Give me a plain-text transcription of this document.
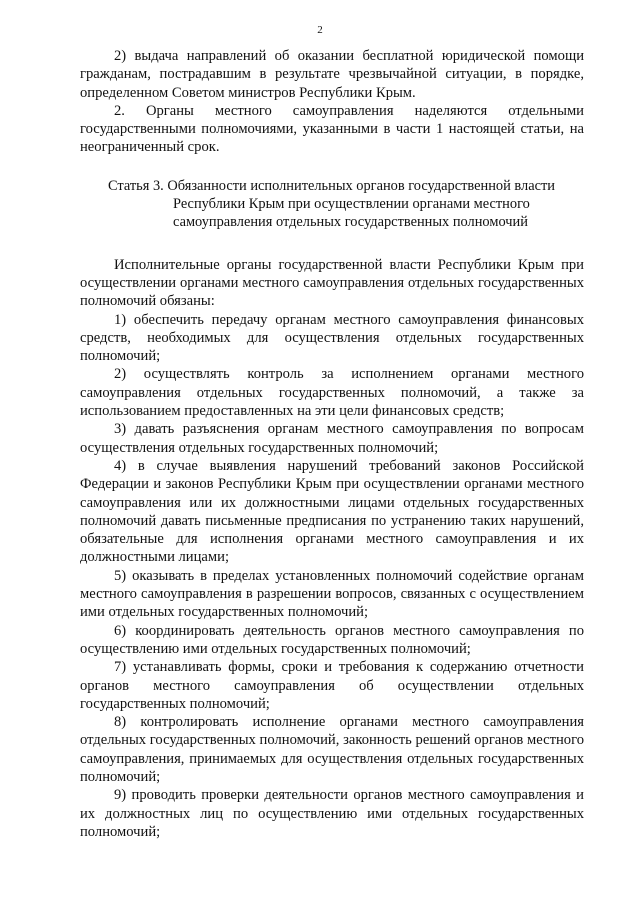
2

2) выдача направлений об оказании бесплатной юридической помощи гражданам, пострадавшим в результате чрезвычайной ситуации, в порядке, определенном Советом министров Республики Крым.

2. Органы местного самоуправления наделяются отдельными государственными полномочиями, указанными в части 1 настоящей статьи, на неограниченный срок.

Статья 3. Обязанности исполнительных органов государственной власти Республики Крым при осуществлении органами местного самоуправления отдельных государственных полномочий

Исполнительные органы государственной власти Республики Крым при осуществлении органами местного самоуправления отдельных государственных полномочий обязаны:

1) обеспечить передачу органам местного самоуправления финансовых средств, необходимых для осуществления отдельных государственных полномочий;

2) осуществлять контроль за исполнением органами местного самоуправления отдельных государственных полномочий, а также за использованием предоставленных на эти цели финансовых средств;

3) давать разъяснения органам местного самоуправления по вопросам осуществления отдельных государственных полномочий;

4) в случае выявления нарушений требований законов Российской Федерации и законов Республики Крым при осуществлении органами местного самоуправления или их должностными лицами отдельных государственных полномочий давать письменные предписания по устранению таких нарушений, обязательные для исполнения органами местного самоуправления и их должностными лицами;

5) оказывать в пределах установленных полномочий содействие органам местного самоуправления в разрешении вопросов, связанных с осуществлением ими отдельных государственных полномочий;

6) координировать деятельность органов местного самоуправления по осуществлению ими отдельных государственных полномочий;

7) устанавливать формы, сроки и требования к содержанию отчетности органов местного самоуправления об осуществлении отдельных государственных полномочий;

8) контролировать исполнение органами местного самоуправления отдельных государственных полномочий, законность решений органов местного самоуправления, принимаемых для осуществления отдельных государственных полномочий;

9) проводить проверки деятельности органов местного самоуправления и их должностных лиц по осуществлению ими отдельных государственных полномочий;
